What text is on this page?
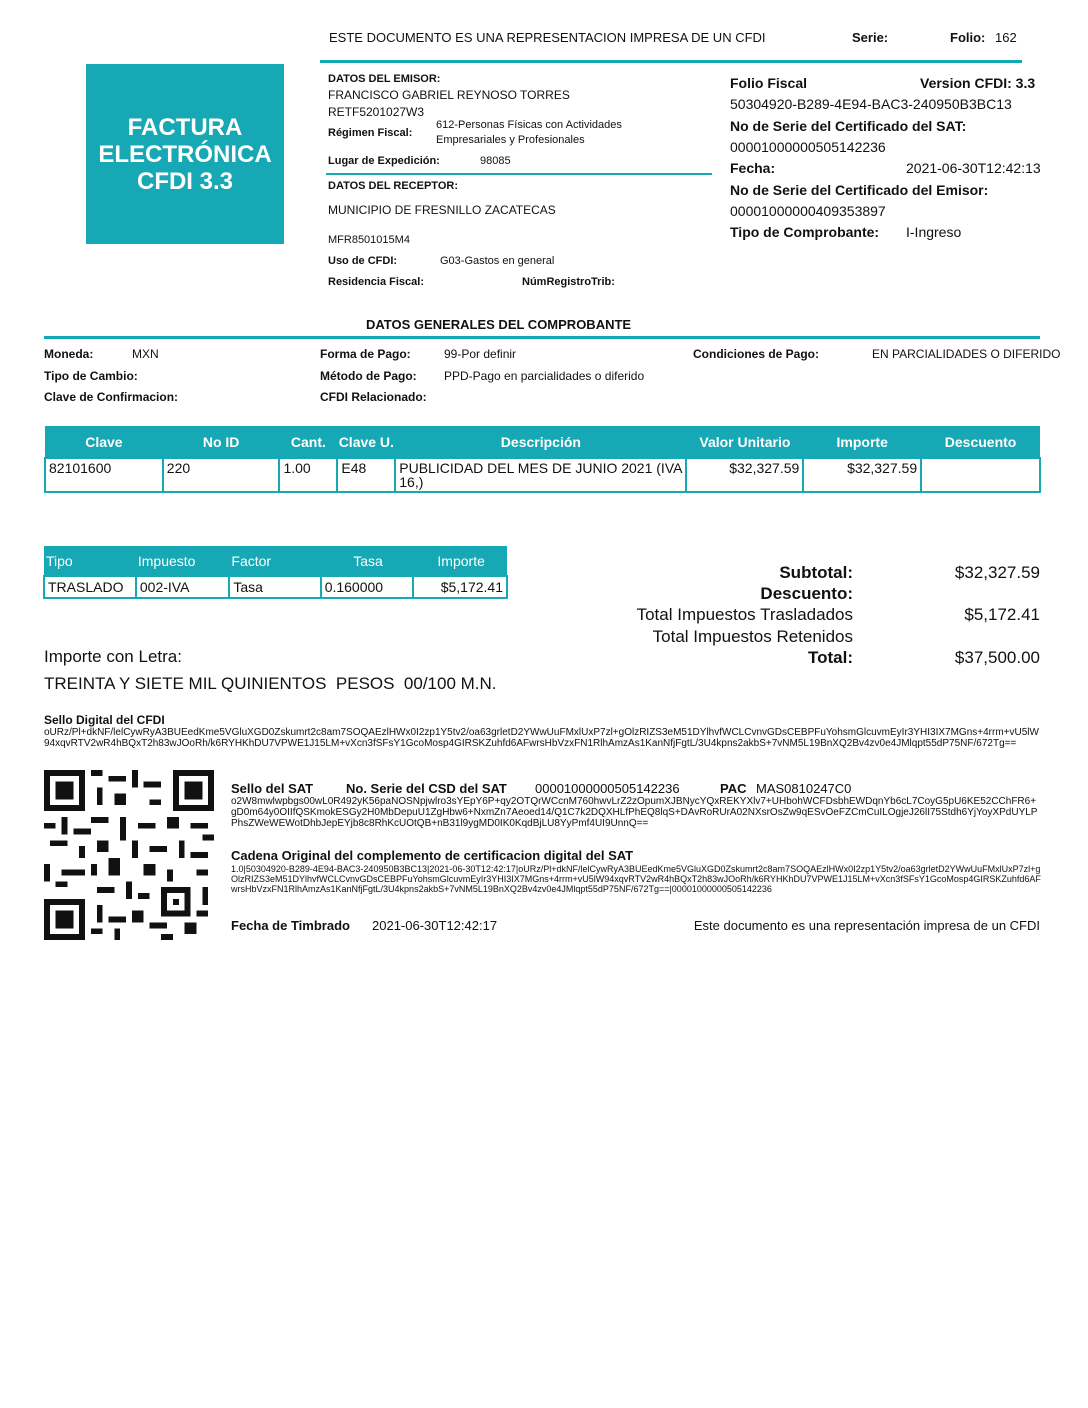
ESTE DOCUMENTO ES UNA REPRESENTACION IMPRESA DE UN CFDI	Serie:	Folio: 162
FACTURA
ELECTRÓNICA
CFDI 3.3
DATOS DEL EMISOR:
FRANCISCO GABRIEL REYNOSO TORRES
RETF5201027W3
Régimen Fiscal:
612-Personas Físicas con Actividades
Empresariales y Profesionales
Lugar de Expedición:	98085
DATOS DEL RECEPTOR:
MUNICIPIO DE FRESNILLO ZACATECAS
MFR8501015M4
Uso de CFDI:	G03-Gastos en general
Residencia Fiscal:	NúmRegistroTrib:
Folio Fiscal	Version CFDI: 3.3
50304920-B289-4E94-BAC3-240950B3BC13
No de Serie del Certificado del SAT:
00001000000505142236
Fecha:	2021-06-30T12:42:13
No de Serie del Certificado del Emisor:
00001000000409353897
Tipo de Comprobante: I-Ingreso
DATOS GENERALES DEL COMPROBANTE
Moneda:	MXN
Tipo de Cambio:
Clave de Confirmacion:
Forma de Pago:	99-Por definir
Método de Pago: PPD-Pago en parcialidades o diferido
CFDI Relacionado:
Condiciones de Pago:	EN PARCIALIDADES O DIFERIDO
Clave	No ID	Cant.	Clave U.	Descripción	Valor Unitario	Importe	Descuento
82101600	220	1.00	E48	PUBLICIDAD DEL MES DE JUNIO 2021 (IVA 16,)	$32,327.59	$32,327.59	
Tipo	Impuesto	Factor	Tasa	Importe
TRASLADO	002-IVA	Tasa	0.160000	$5,172.41
Subtotal:	$32,327.59
Descuento:
Total Impuestos Trasladados	$5,172.41
Total Impuestos Retenidos
Total:	$37,500.00
Importe con Letra:
TREINTA Y SIETE MIL QUINIENTOS  PESOS  00/100 M.N.
Sello Digital del CFDI
oURz/Pl+dkNF/lelCywRyA3BUEedKme5VGluXGD0Zskumrt2c8am7SOQAEzlHWx0I2zp1Y5tv2/oa63grletD2YWwUuFMxlUxP7zl+gOlzRIZS3eM51DYlhvfWCLCvnvGDsCEBPFuYohsmGlcuvmEyIr3YHI3IX7MGns+4rrm+vU5lW94xqvRTV2wR4hBQxT2h83wJOoRh/k6RYHKhDU7VPWE1J15LM+vXcn3fSFsY1GcoMosp4GIRSKZuhfd6AFwrsHbVzxFN1RlhAmzAs1KanNfjFgtL/3U4kpns2akbS+7vNM5L19BnXQ2Bv4zv0e4JMlqpt55dP75NF/672Tg==
Sello del SAT	No. Serie del CSD del SAT 00001000000505142236	PAC MAS0810247C0
o2W8mwlwpbgs00wL0R492yK56paNOSNpjwlro3sYEpY6P+qy2OTQrWCcnM760hwvLrZ2zOpumXJBNycYQxREKYXlv7+UHbohWCFDsbhEWDqnYb6cL7CoyG5pU6KE52CChFR6+gD0m64y0OIIfQSKmokESGy2H0MbDepuU1ZgHbw6+NxmZn7Aeoed14/Q1C7k2DQXHLfPhEQ8lqS+DAvRoRUrA02NXsrOsZw9qESvOeFZCmCuILOgjeJ26lI75Stdh6YjYoyXPdUYLPPhsZWeWEWotDhbJepEYjb8c8RhKcUOtQB+nB31l9ygMD0IK0KqdBjLU8YyPmf4UI9UnnQ==
Cadena Original del complemento de certificacion digital del SAT
1.0|50304920-B289-4E94-BAC3-240950B3BC13|2021-06-30T12:42:17|oURz/Pl+dkNF/lelCywRyA3BUEedKme5VGluXGD0Zskumrt2c8am7SOQAEzlHWx0I2zp1Y5tv2/oa63grletD2YWwUuFMxlUxP7zl+gOlzRIZS3eM51DYlhvfWCLCvnvGDsCEBPFuYohsmGlcuvmEyIr3YHI3IX7MGns+4rrm+vU5lW94xqvRTV2wR4hBQxT2h83wJOoRh/k6RYHKhDU7VPWE1J15LM+vXcn3fSFsY1GcoMosp4GIRSKZuhfd6AFwrsHbVzxFN1RlhAmzAs1KanNfjFgtL/3U4kpns2akbS+7vNM5L19BnXQ2Bv4zv0e4JMlqpt55dP75NF/672Tg==|00001000000505142236
Fecha de Timbrado 2021-06-30T12:42:17	Este documento es una representación impresa de un CFDI
